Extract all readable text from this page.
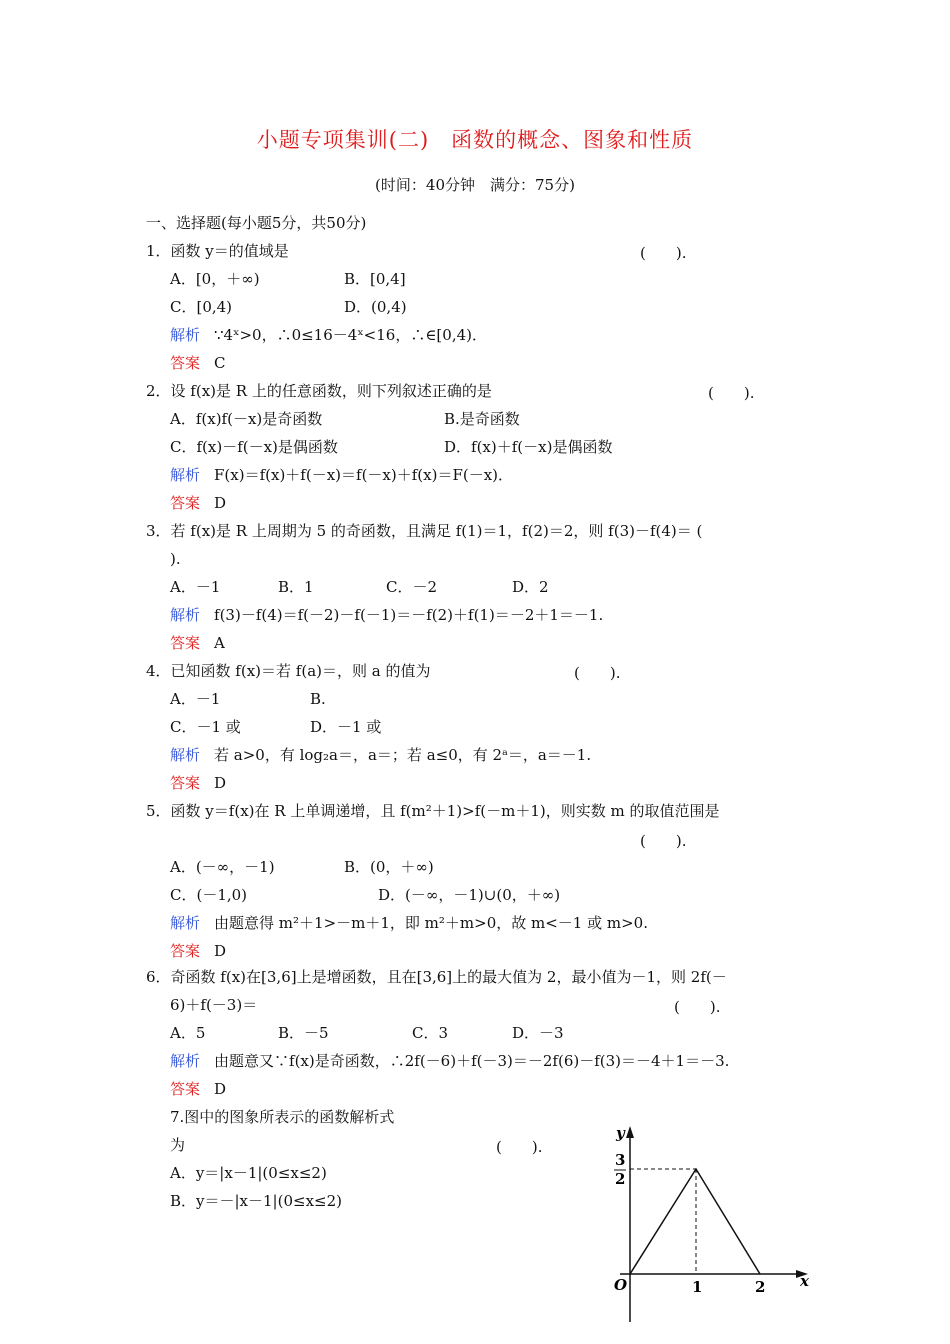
小题专项集训(二)　函数的概念、图象和性质
(时间：40分钟　满分：75分)
一、选择题(每小题5分，共50分)
1．函数 y＝的值域是	(　　).
A．[0，＋∞)	B．[0,4]
C．[0,4)	D．(0,4)
解析 ∵4ˣ>0，∴0≤16－4ˣ<16，∴∈[0,4)．
答案 C
2．设 f(x)是 R 上的任意函数，则下列叙述正确的是	(　　).
A．f(x)f(－x)是奇函数	B.是奇函数
C．f(x)－f(－x)是偶函数	D．f(x)＋f(－x)是偶函数
解析 F(x)＝f(x)＋f(－x)＝f(－x)＋f(x)＝F(－x)．
答案 D
3．若 f(x)是 R 上周期为 5 的奇函数，且满足 f(1)＝1，f(2)＝2，则 f(3)－f(4)＝ (
).
A．－1	B．1	C．－2	D．2
解析 f(3)－f(4)＝f(－2)－f(－1)＝－f(2)＋f(1)＝－2＋1＝－1.
答案 A
4．已知函数 f(x)＝若 f(a)＝，则 a 的值为	(　　).
A．－1	B.
C．－1 或	D．－1 或
解析 若 a>0，有 log₂a＝，a＝；若 a≤0，有 2ᵃ＝，a＝－1.
答案 D
5．函数 y＝f(x)在 R 上单调递增，且 f(m²＋1)>f(－m＋1)，则实数 m 的取值范围是
(　　).
A．(－∞，－1)	B．(0，＋∞)
C．(－1,0)	D．(－∞，－1)∪(0，＋∞)
解析 由题意得 m²＋1>－m＋1，即 m²＋m>0，故 m<－1 或 m>0.
答案 D
6．奇函数 f(x)在[3,6]上是增函数，且在[3,6]上的最大值为 2，最小值为－1，则 2f(－
6)＋f(－3)＝	(　　).
A．5	B．－5	C．3	D．－3
解析 由题意又∵f(x)是奇函数，∴2f(－6)＋f(－3)＝－2f(6)－f(3)＝－4＋1＝－3.
答案 D
7.图中的图象所表示的函数解析式
为	(　　).
A．y＝|x－1|(0≤x≤2)
B．y＝－|x－1|(0≤x≤2)
y
x
O
3
2
1	2
